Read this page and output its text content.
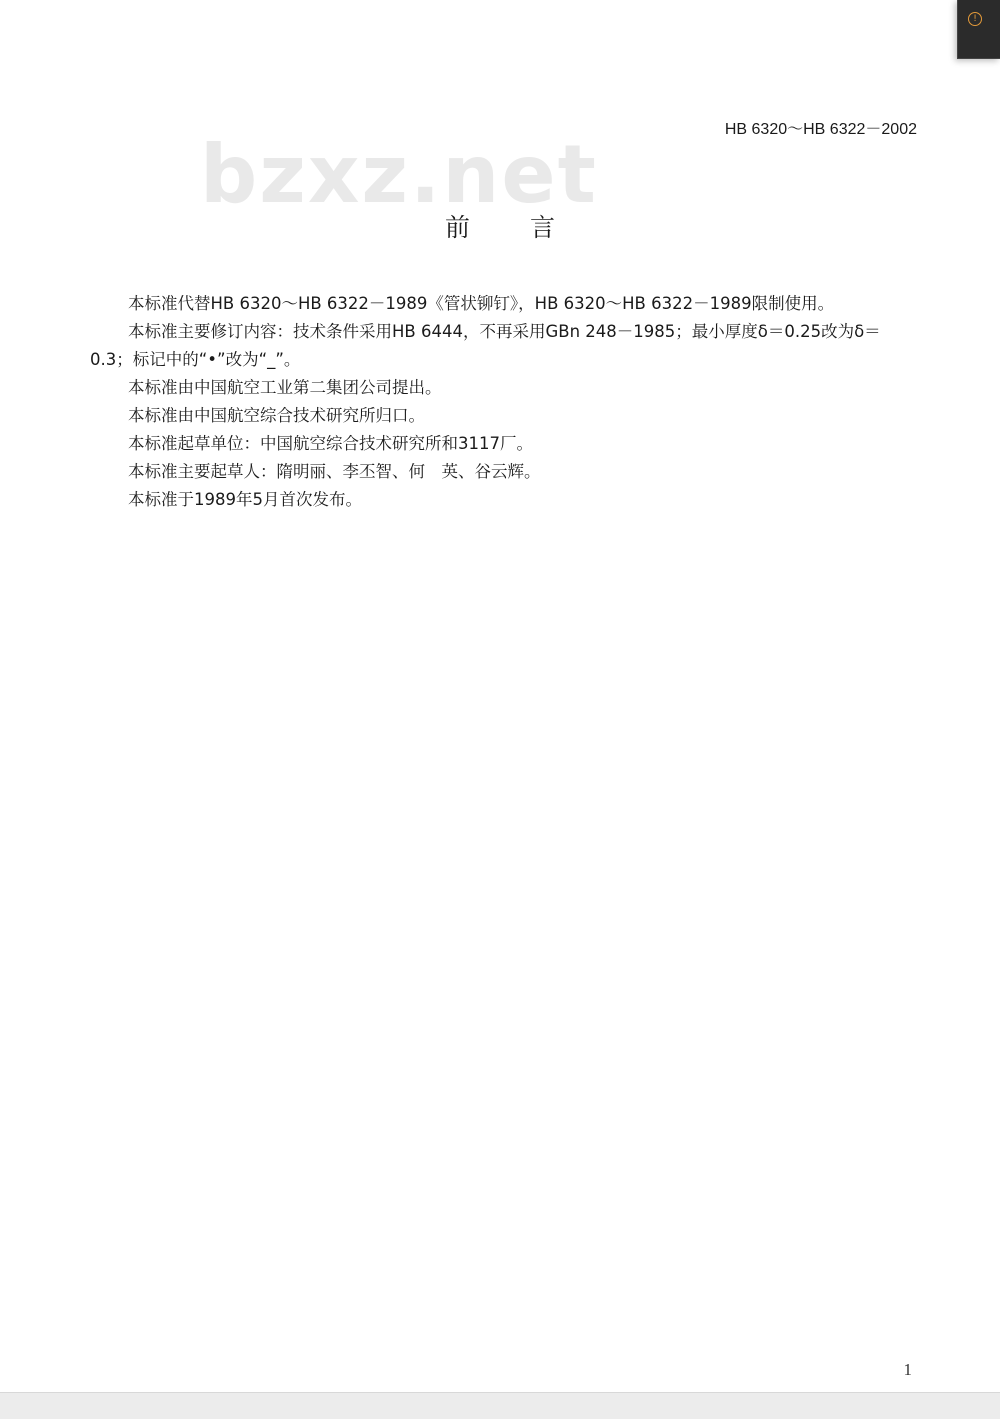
HB 6320～HB 6322－2002
bzxz.net
前言

本标准代替HB 6320～HB 6322－1989《管状铆钉》，HB 6320～HB 6322－1989限制使用。

本标准主要修订内容：技术条件采用HB 6444，不再采用GBn 248－1985；最小厚度δ＝0.25改为δ＝0.3；标记中的“•”改为“_”。

本标准由中国航空工业第二集团公司提出。

本标准由中国航空综合技术研究所归口。

本标准起草单位：中国航空综合技术研究所和3117厂。

本标准主要起草人：隋明丽、李丕智、何　英、谷云辉。

本标准于1989年5月首次发布。

1
!
